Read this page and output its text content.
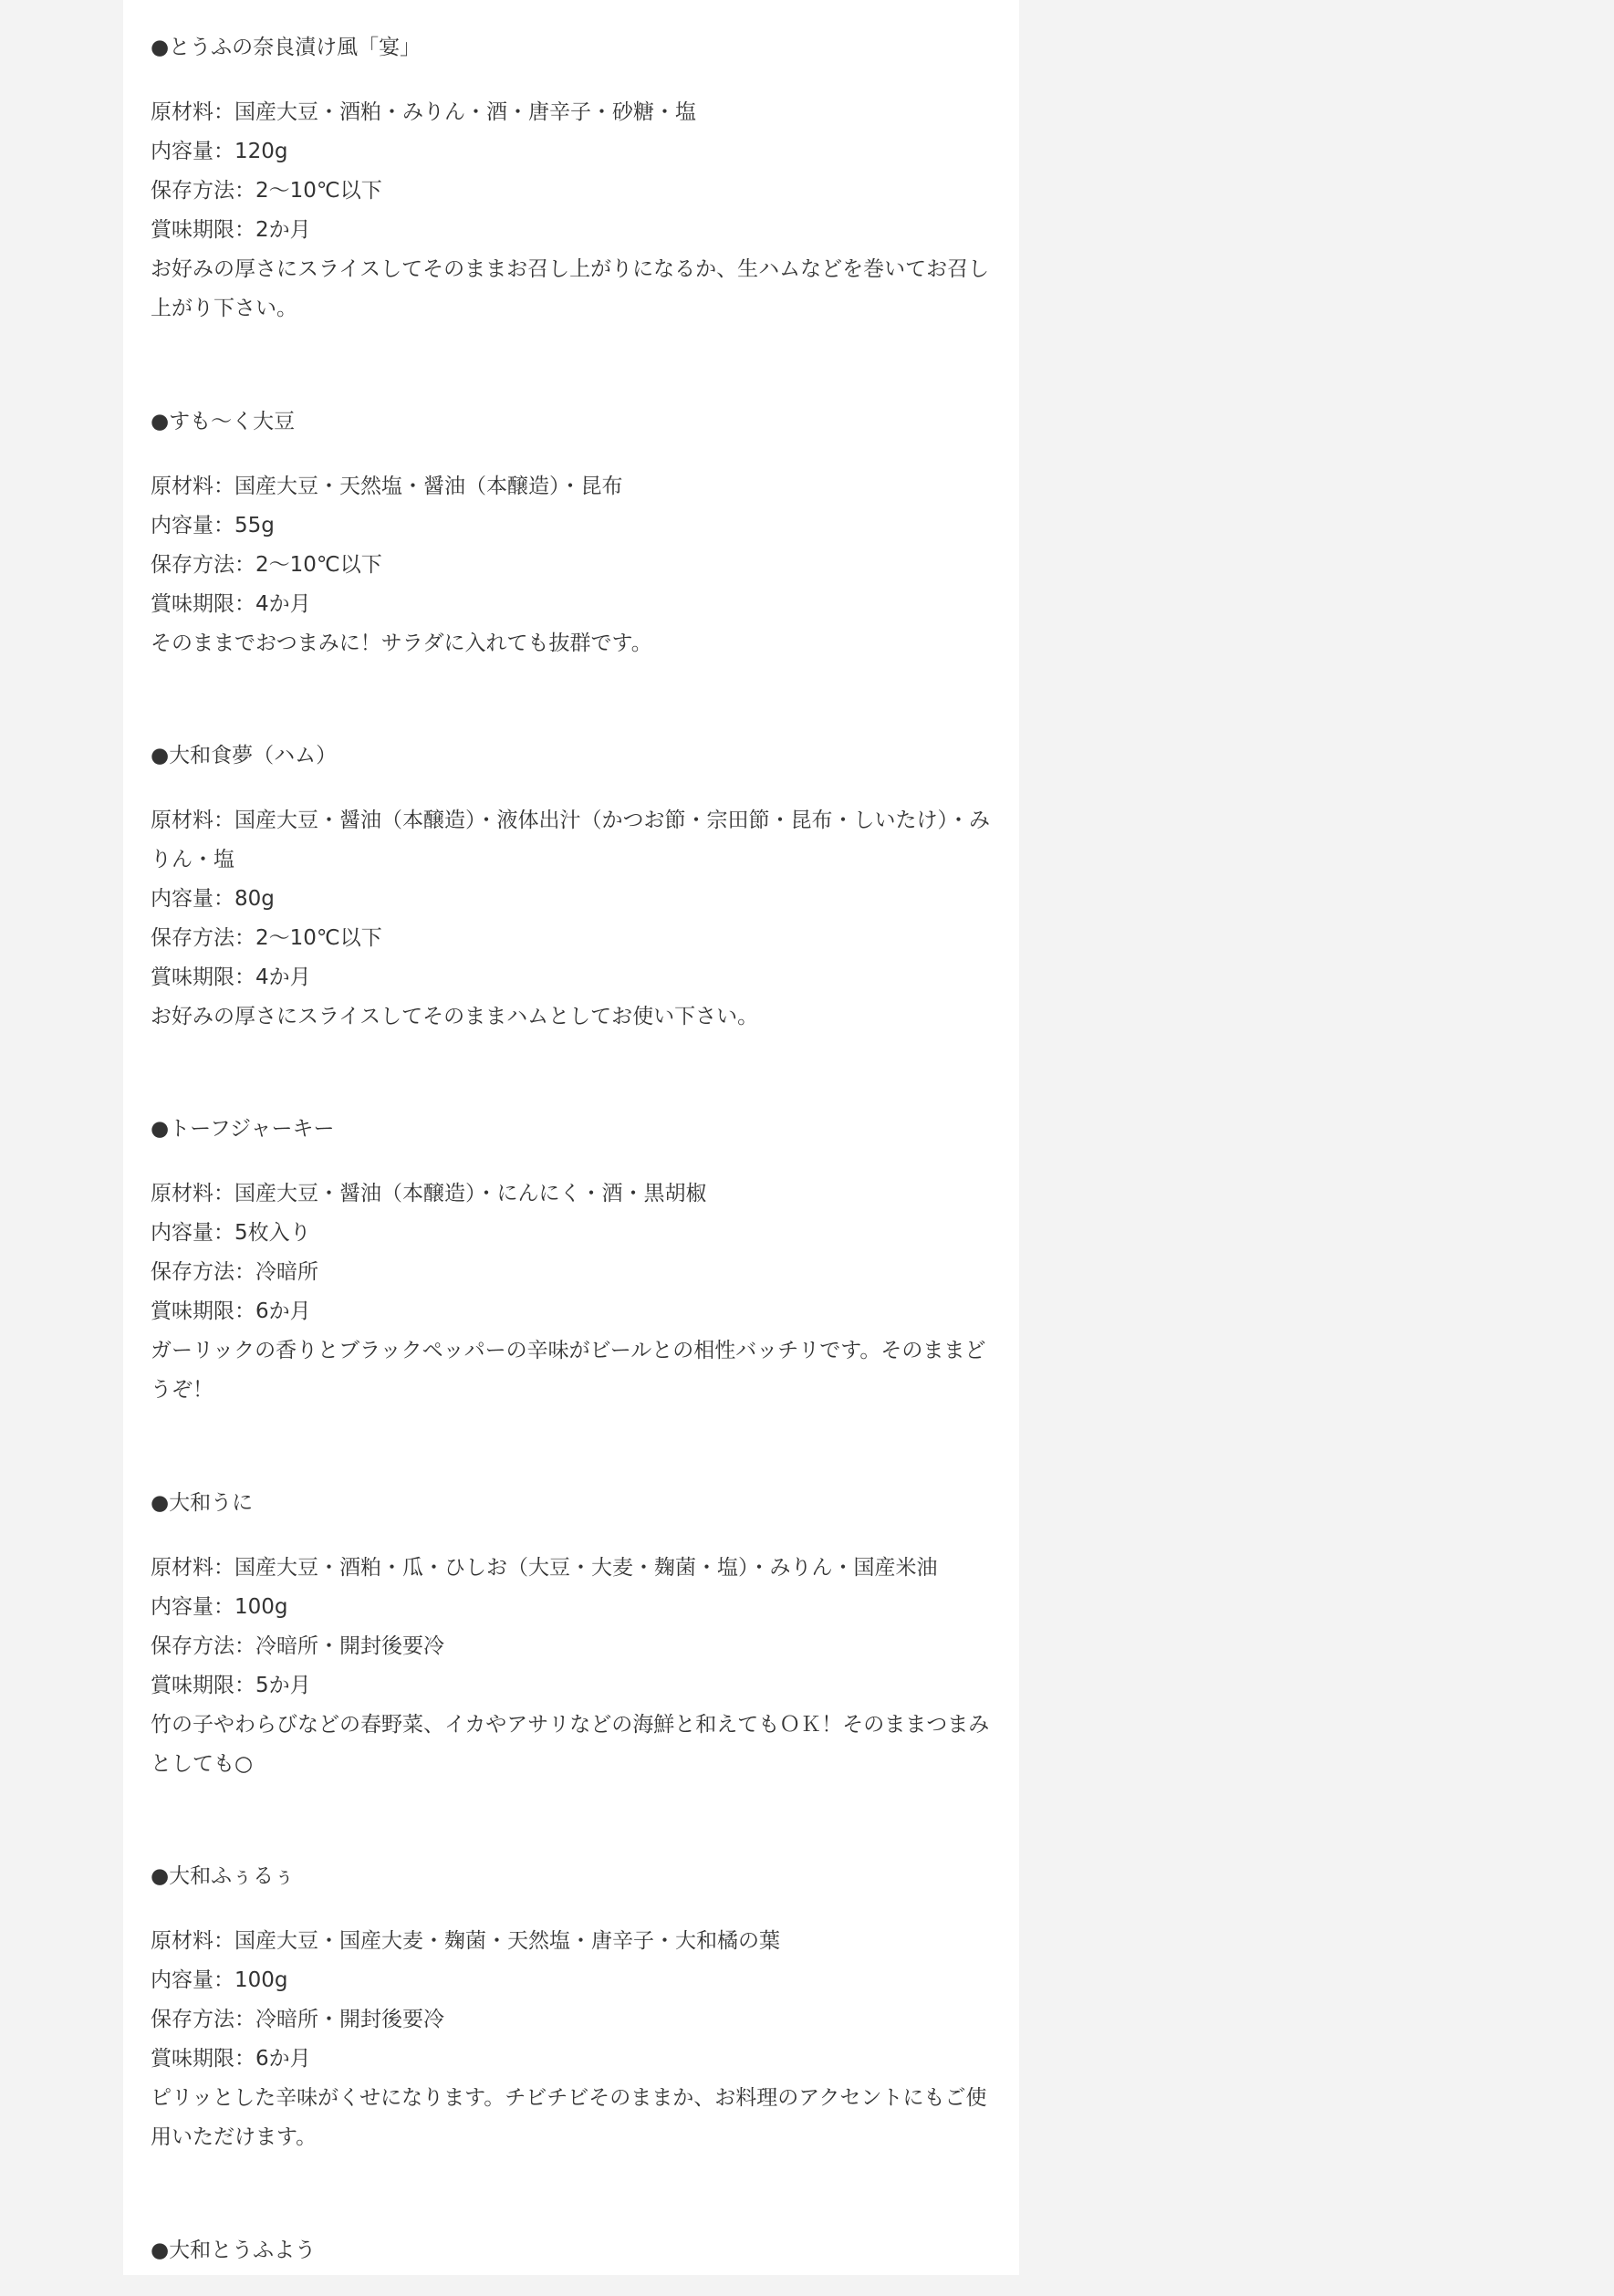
●とうふの奈良漬け風「宴」
原材料：国産大豆・酒粕・みりん・酒・唐辛子・砂糖・塩
内容量：120g
保存方法：2〜10℃以下
賞味期限：2か月
お好みの厚さにスライスしてそのままお召し上がりになるか、生ハムなどを巻いてお召し上がり下さい。
●すも〜く大豆
原材料：国産大豆・天然塩・醤油（本醸造）・昆布
内容量：55g
保存方法：2〜10℃以下
賞味期限：4か月
そのままでおつまみに！サラダに入れても抜群です。
●大和食夢（ハム）
原材料：国産大豆・醤油（本醸造）・液体出汁（かつお節・宗田節・昆布・しいたけ）・みりん・塩
内容量：80g
保存方法：2〜10℃以下
賞味期限：4か月
お好みの厚さにスライスしてそのままハムとしてお使い下さい。
●トーフジャーキー
原材料：国産大豆・醤油（本醸造）・にんにく・酒・黒胡椒
内容量：5枚入り
保存方法：冷暗所
賞味期限：6か月
ガーリックの香りとブラックペッパーの辛味がビールとの相性バッチリです。そのままどうぞ！
●大和うに
原材料：国産大豆・酒粕・瓜・ひしお（大豆・大麦・麹菌・塩）・みりん・国産米油
内容量：100g
保存方法：冷暗所・開封後要冷
賞味期限：5か月
竹の子やわらびなどの春野菜、イカやアサリなどの海鮮と和えてもＯＫ！そのままつまみとしても○
●大和ふぅるぅ
原材料：国産大豆・国産大麦・麹菌・天然塩・唐辛子・大和橘の葉
内容量：100g
保存方法：冷暗所・開封後要冷
賞味期限：6か月
ピリッとした辛味がくせになります。チビチビそのままか、お料理のアクセントにもご使用いただけます。
●大和とうふよう
